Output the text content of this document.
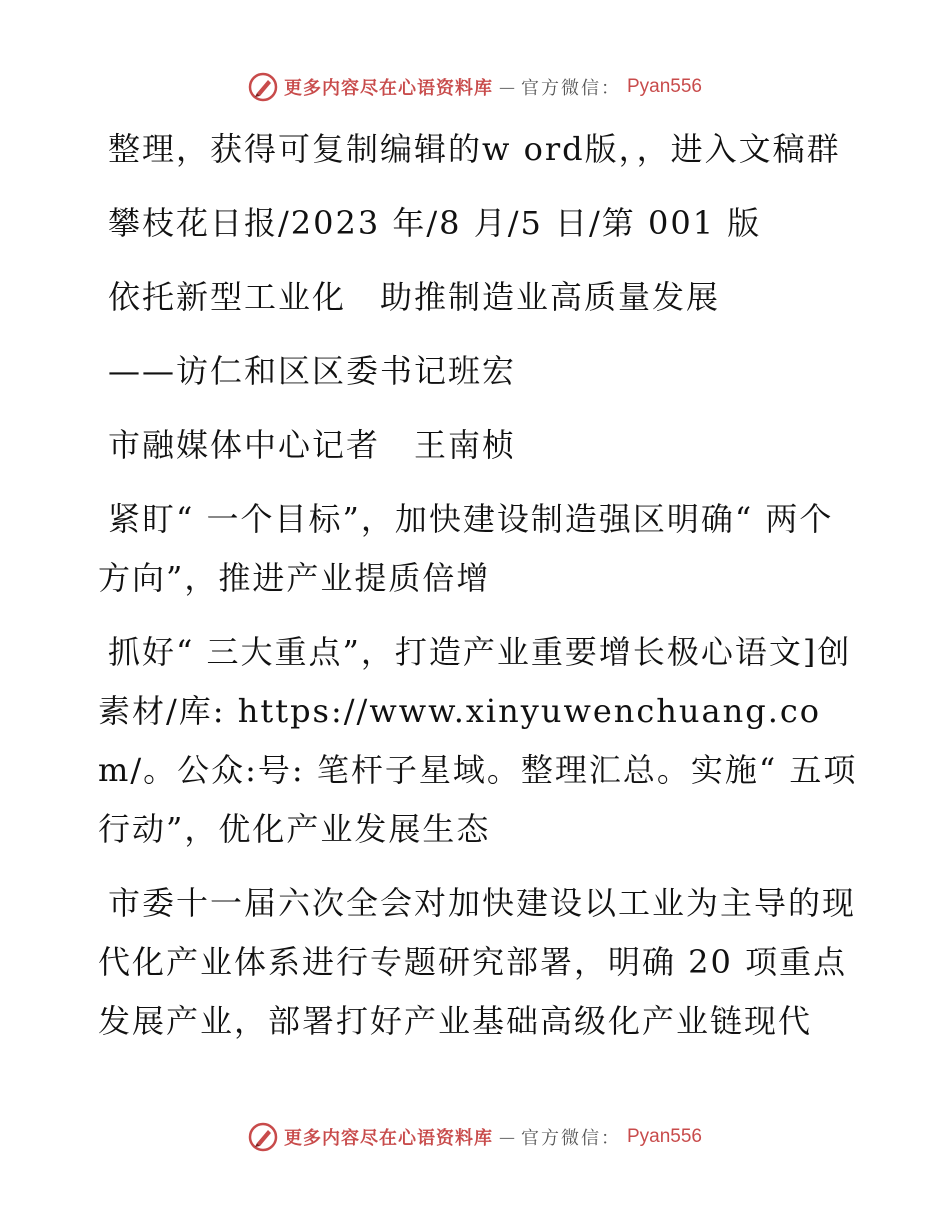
更多内容尽在心语资料库 — 官方微信： Pyan556

整理，获得可复制编辑的w ord版，，进入文稿群

攀枝花日报/2023 年/8 月/5 日/第 001 版

依托新型工业化　助推制造业高质量发展

——访仁和区区委书记班宏

市融媒体中心记者　王南桢

紧盯“ 一个目标”，加快建设制造强区明确“ 两个方向”，推进产业提质倍增

抓好“ 三大重点”，打造产业重要增长极心语文]创素材/库: https://www.xinyuwenchuang.com/。公众:号: 笔杆子星域。整理汇总。实施“ 五项行动”，优化产业发展生态

市委十一届六次全会对加快建设以工业为主导的现代化产业体系进行专题研究部署，明确 20 项重点发展产业，部署打好产业基础高级化产业链现代

更多内容尽在心语资料库 — 官方微信： Pyan556
